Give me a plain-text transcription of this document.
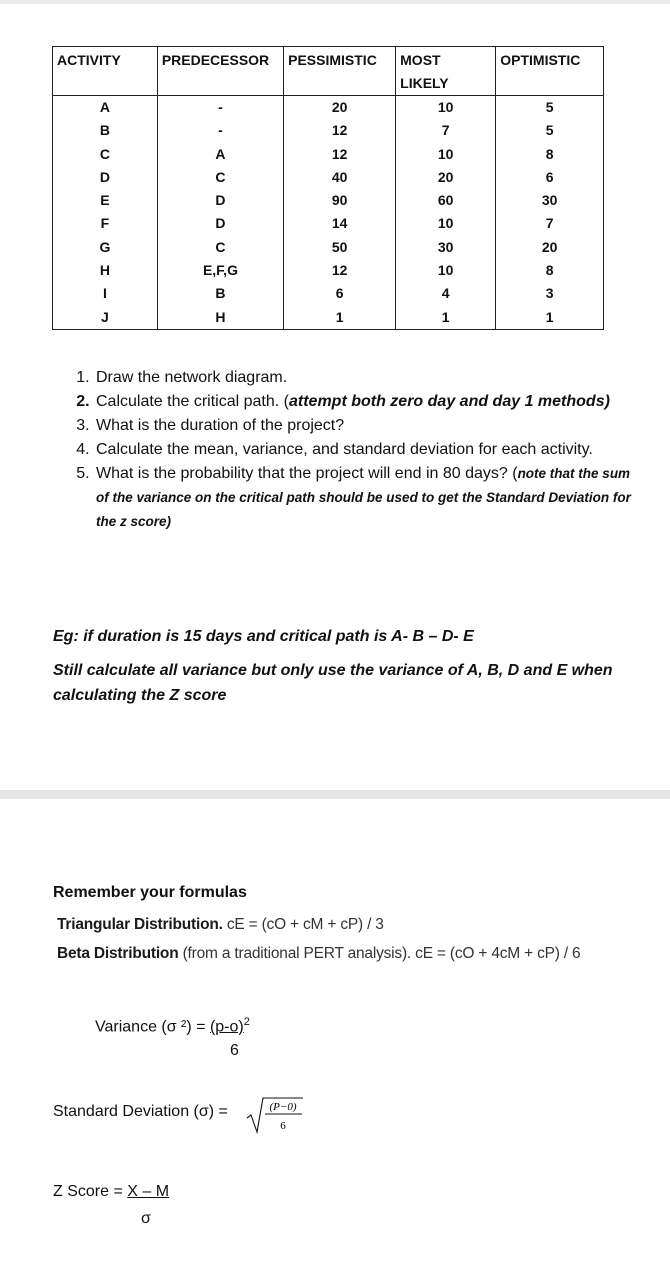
ACTIVITY	PREDECESSOR	PESSIMISTIC	MOST LIKELY	OPTIMISTIC
A	-	20	10	5
B	-	12	7	5
C	A	12	10	8
D	C	40	20	6
E	D	90	60	30
F	D	14	10	7
G	C	50	30	20
H	E,F,G	12	10	8
I	B	6	4	3
J	H	1	1	1
1. Draw the network diagram.
2. Calculate the critical path. (attempt both zero day and day 1 methods)
3. What is the duration of the project?
4. Calculate the mean, variance, and standard deviation for each activity.
5. What is the probability that the project will end in 80 days? (note that the sum of the variance on the critical path should be used to get the Standard Deviation for the z score)
Eg: if duration is 15 days and critical path is A- B – D- E
Still calculate all variance but only use the variance of A, B, D and E when calculating the Z score
Remember your formulas
Triangular Distribution. cE = (cO + cM + cP) / 3
Beta Distribution (from a traditional PERT analysis). cE = (cO + 4cM + cP) / 6
Variance (σ $^2) = (p-o)^2$
6
Standard Deviation (σ) =	(P−0)
6
Z Score = X – M
σ
